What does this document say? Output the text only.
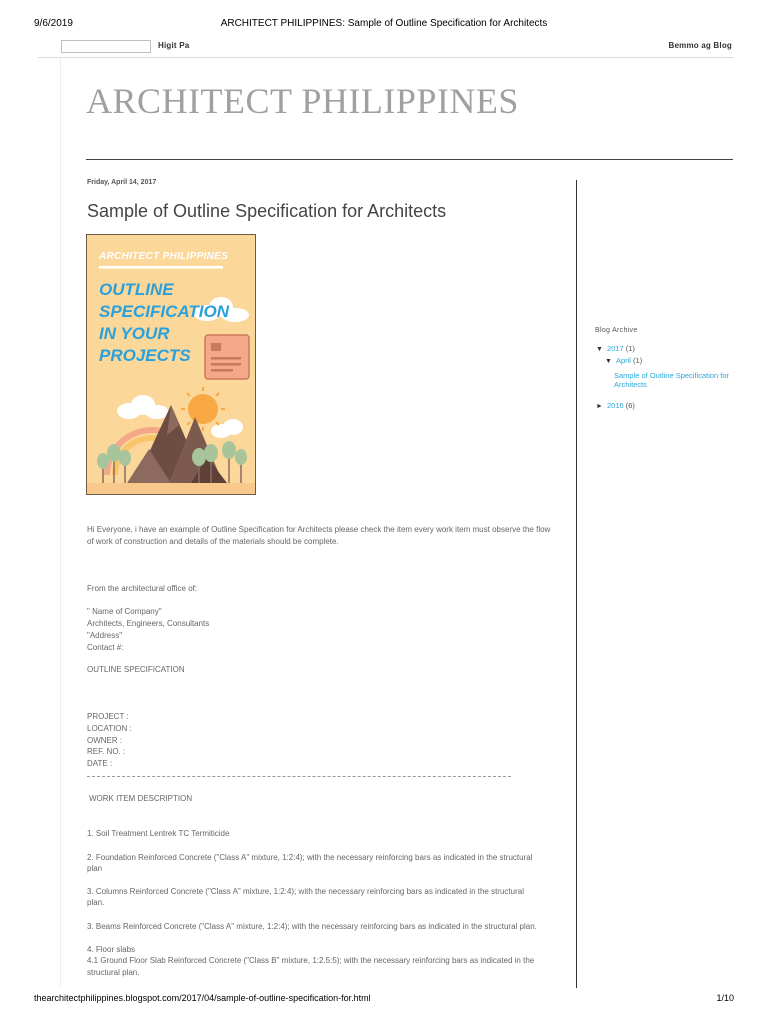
9/6/2019	ARCHITECT PHILIPPINES: Sample of Outline Specification for Architects
Higit Pa	Bemmo ag Blog
ARCHITECT PHILIPPINES
Friday, April 14, 2017
Sample of Outline Specification for Architects
ARCHITECT PHILIPPINES
OUTLINE
SPECIFICATION
IN YOUR
PROJECTS
Hi Everyone, i have an example of Outline Specification for Architects please check the item every work item must observe the flow of work of construction and details of the materials should be complete.
From the architectural office of:
" Name of Company"
Architects, Engineers, Consultants
"Address"
Contact #:
OUTLINE SPECIFICATION
PROJECT :
LOCATION :
OWNER :
REF. NO. :
DATE :
WORK ITEM DESCRIPTION
1. Soil Treatment Lentrek TC Termiticide
2. Foundation Reinforced Concrete ("Class A" mixture, 1:2:4); with the necessary reinforcing bars as indicated in the structural
plan
3. Columns Reinforced Concrete ("Class A" mixture, 1:2:4); with the necessary reinforcing bars as indicated in the structural
plan.
3. Beams Reinforced Concrete ("Class A" mixture, 1:2:4); with the necessary reinforcing bars as indicated in the structural plan.
4. Floor slabs
4.1 Ground Floor Slab Reinforced Concrete ("Class B" mixture, 1:2.5:5); with the necessary reinforcing bars as indicated in the
structural plan.
Blog Archive
▼ 2017 (1)
▼ April (1)
Sample of Outline Specification for Architects
► 2016 (6)
thearchitectphilippines.blogspot.com/2017/04/sample-of-outline-specification-for.html	1/10
